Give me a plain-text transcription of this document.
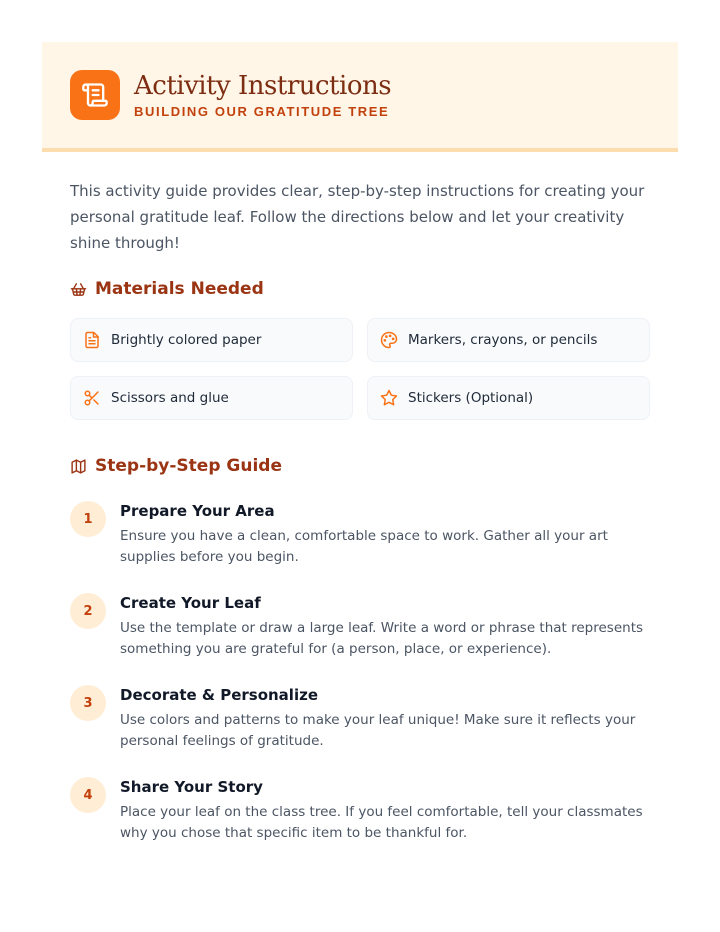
Activity Instructions
BUILDING OUR GRATITUDE TREE

This activity guide provides clear, step-by-step instructions for creating your personal gratitude leaf. Follow the directions below and let your creativity shine through!

Materials Needed
Brightly colored paper	Markers, crayons, or pencils
Scissors and glue	Stickers (Optional)
Step-by-Step Guide
1	Prepare Your Area
Ensure you have a clean, comfortable space to work. Gather all your art supplies before you begin.
2	Create Your Leaf
Use the template or draw a large leaf. Write a word or phrase that represents something you are grateful for (a person, place, or experience).
3	Decorate & Personalize
Use colors and patterns to make your leaf unique! Make sure it reflects your personal feelings of gratitude.
4	Share Your Story
Place your leaf on the class tree. If you feel comfortable, tell your classmates why you chose that specific item to be thankful for.
